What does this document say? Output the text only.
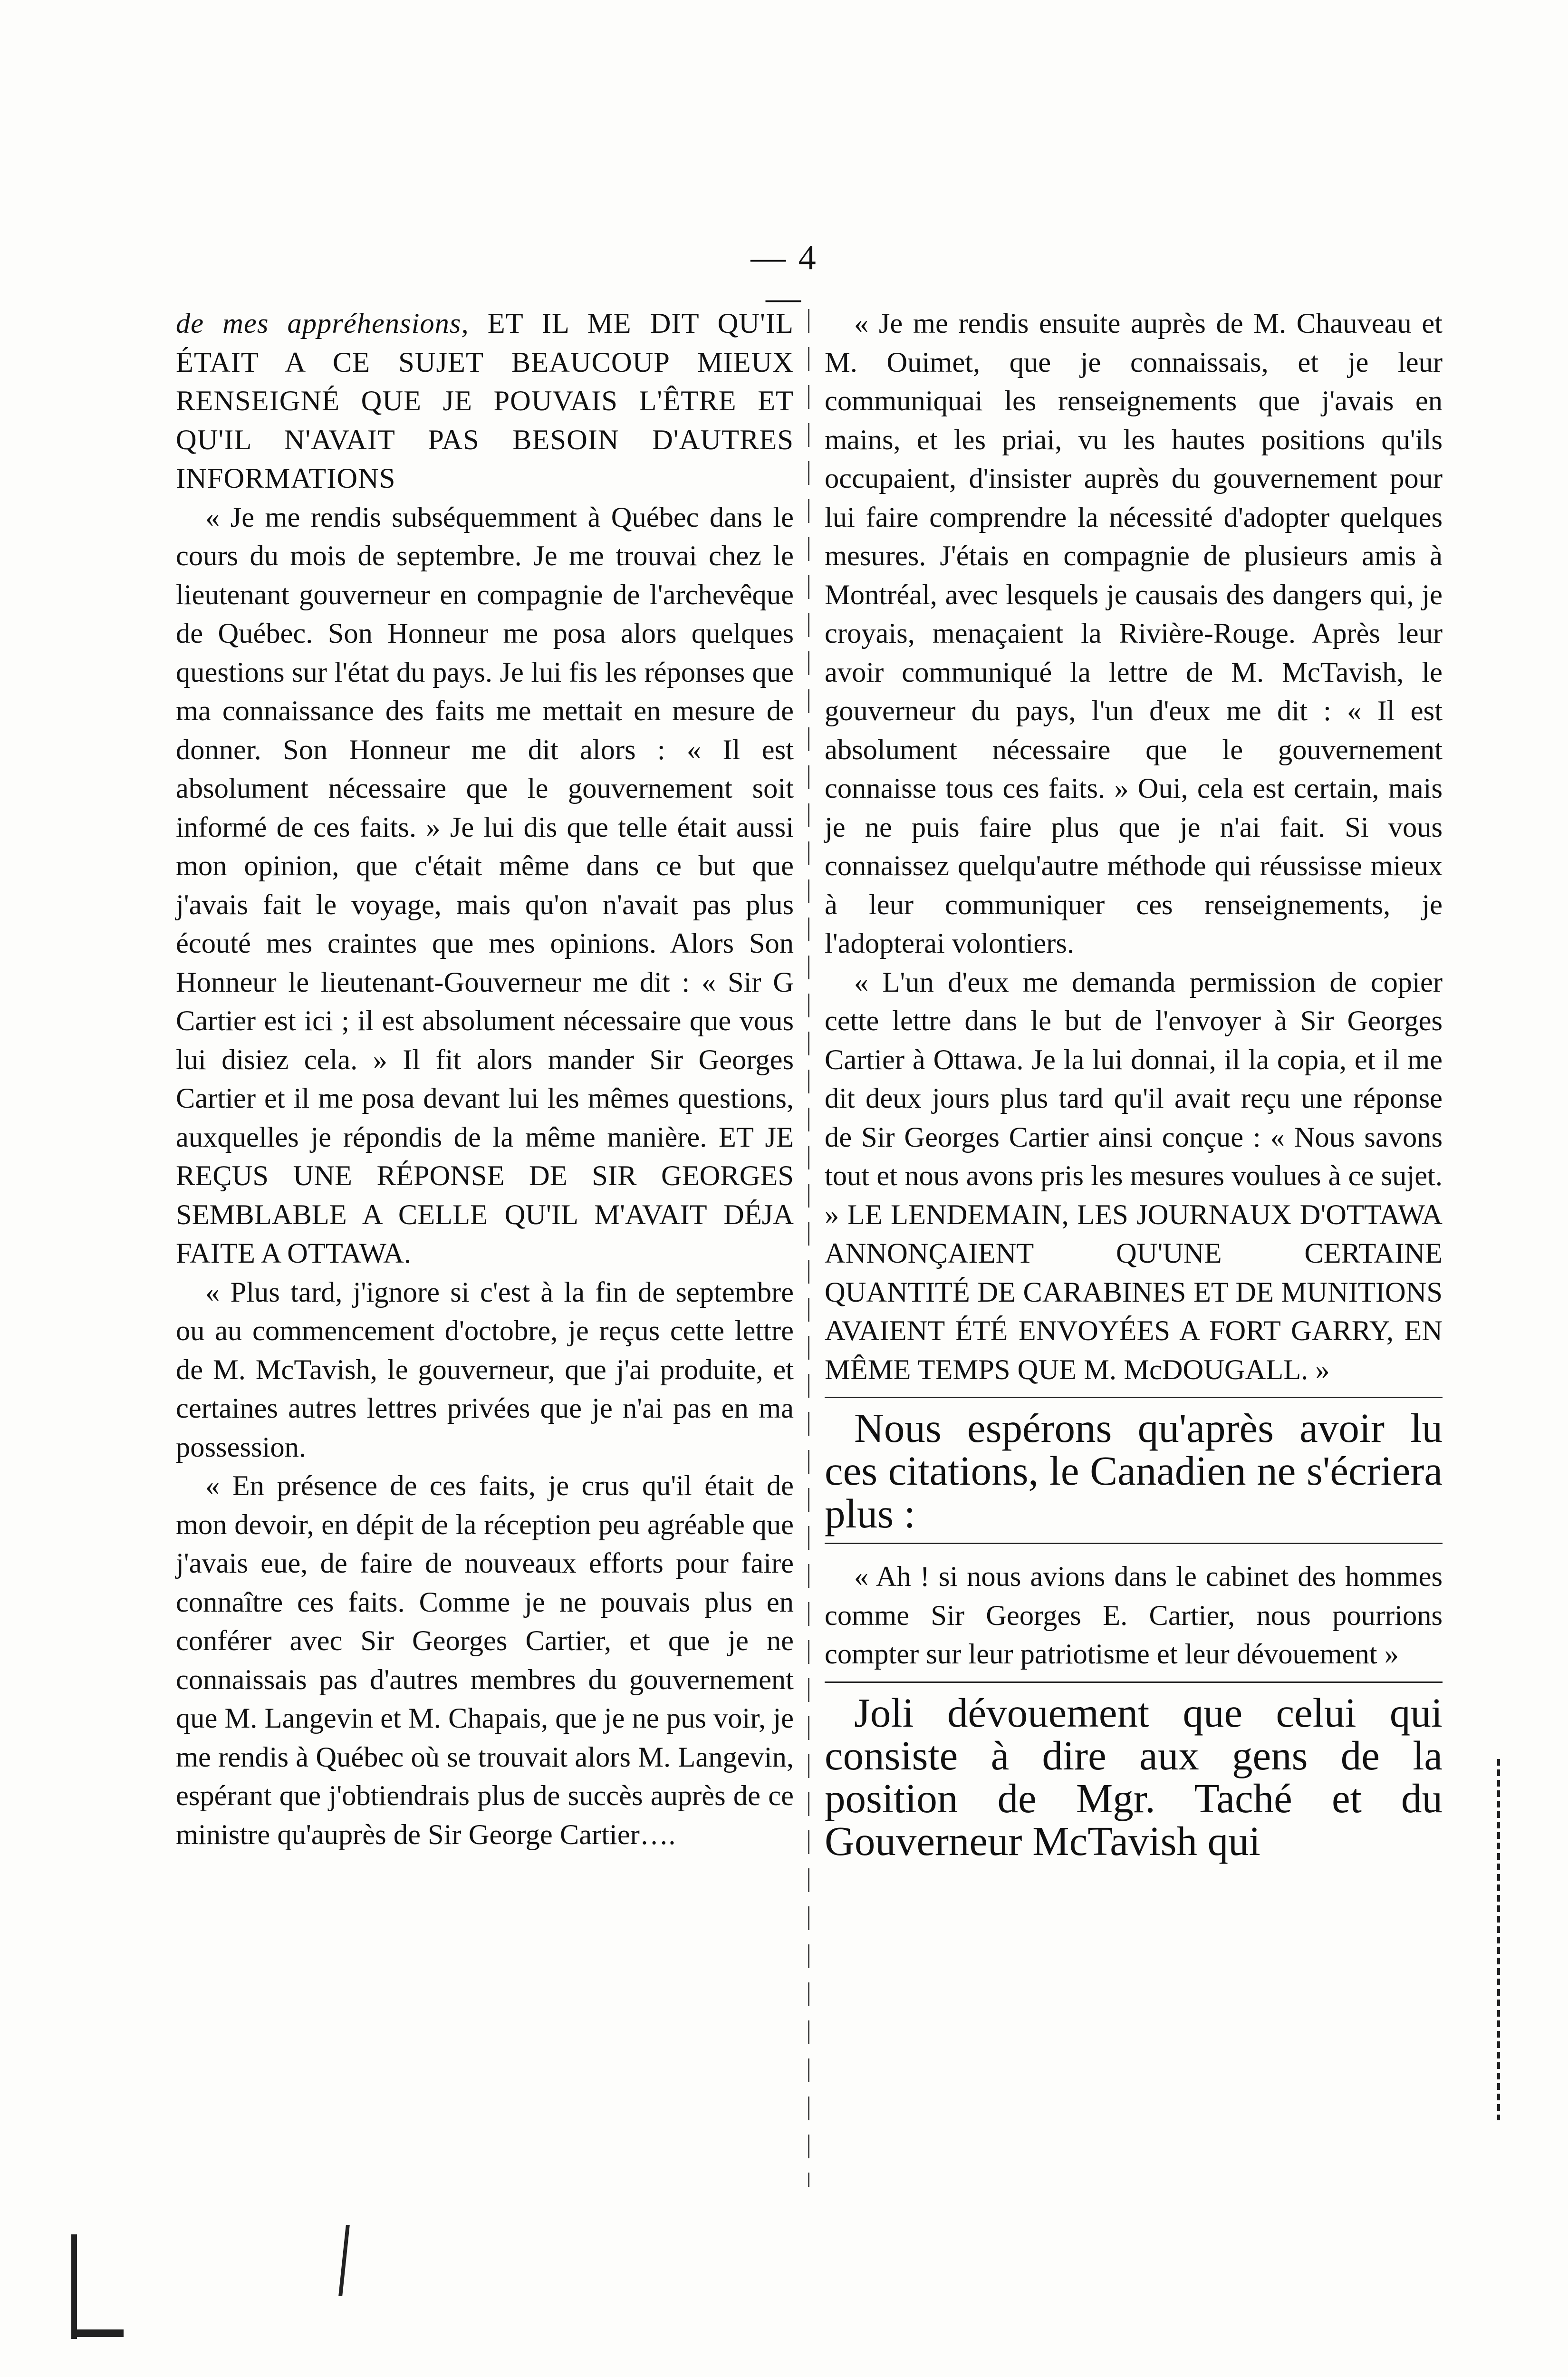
— 4 —

de mes appréhensions, ET IL ME DIT QU'IL ÉTAIT A CE SUJET BEAUCOUP MIEUX RENSEIGNÉ QUE JE POUVAIS L'ÊTRE ET QU'IL N'AVAIT PAS BESOIN D'AUTRES INFORMATIONS

« Je me rendis subséquemment à Québec dans le cours du mois de septembre. Je me trouvai chez le lieutenant gouverneur en compagnie de l'archevêque de Québec. Son Honneur me posa alors quelques questions sur l'état du pays. Je lui fis les réponses que ma connaissance des faits me mettait en mesure de donner. Son Honneur me dit alors : « Il est absolument nécessaire que le gouvernement soit informé de ces faits. » Je lui dis que telle était aussi mon opinion, que c'était même dans ce but que j'avais fait le voyage, mais qu'on n'avait pas plus écouté mes craintes que mes opinions. Alors Son Honneur le lieutenant-Gouverneur me dit : « Sir G Cartier est ici ; il est absolument nécessaire que vous lui disiez cela. » Il fit alors mander Sir Georges Cartier et il me posa devant lui les mêmes questions, auxquelles je répondis de la même manière. ET JE REÇUS UNE RÉPONSE DE SIR GEORGES SEMBLABLE A CELLE QU'IL M'AVAIT DÉJA FAITE A OTTAWA.

« Plus tard, j'ignore si c'est à la fin de septembre ou au commencement d'octobre, je reçus cette lettre de M. McTavish, le gouverneur, que j'ai produite, et certaines autres lettres privées que je n'ai pas en ma possession.

« En présence de ces faits, je crus qu'il était de mon devoir, en dépit de la réception peu agréable que j'avais eue, de faire de nouveaux efforts pour faire connaître ces faits. Comme je ne pouvais plus en conférer avec Sir Georges Cartier, et que je ne connaissais pas d'autres membres du gouvernement que M. Langevin et M. Chapais, que je ne pus voir, je me rendis à Québec où se trouvait alors M. Langevin, espérant que j'obtiendrais plus de succès auprès de ce ministre qu'auprès de Sir George Cartier….

« Je me rendis ensuite auprès de M. Chauveau et M. Ouimet, que je connaissais, et je leur communiquai les renseignements que j'avais en mains, et les priai, vu les hautes positions qu'ils occupaient, d'insister auprès du gouvernement pour lui faire comprendre la nécessité d'adopter quelques mesures. J'étais en compagnie de plusieurs amis à Montréal, avec lesquels je causais des dangers qui, je croyais, menaçaient la Rivière-Rouge. Après leur avoir communiqué la lettre de M. McTavish, le gouverneur du pays, l'un d'eux me dit : « Il est absolument nécessaire que le gouvernement connaisse tous ces faits. » Oui, cela est certain, mais je ne puis faire plus que je n'ai fait. Si vous connaissez quelqu'autre méthode qui réussisse mieux à leur communiquer ces renseignements, je l'adopterai volontiers.

« L'un d'eux me demanda permission de copier cette lettre dans le but de l'envoyer à Sir Georges Cartier à Ottawa. Je la lui donnai, il la copia, et il me dit deux jours plus tard qu'il avait reçu une réponse de Sir Georges Cartier ainsi conçue : « Nous savons tout et nous avons pris les mesures voulues à ce sujet. » LE LENDEMAIN, LES JOURNAUX D'OTTAWA ANNONÇAIENT QU'UNE CERTAINE QUANTITÉ DE CARABINES ET DE MUNITIONS AVAIENT ÉTÉ ENVOYÉES A FORT GARRY, EN MÊME TEMPS QUE M. McDOUGALL. »

Nous espérons qu'après avoir lu ces citations, le Canadien ne s'écriera plus :

« Ah ! si nous avions dans le cabinet des hommes comme Sir Georges E. Cartier, nous pourrions compter sur leur patriotisme et leur dévouement »

Joli dévouement que celui qui consiste à dire aux gens de la position de Mgr. Taché et du Gouverneur McTavish qui
